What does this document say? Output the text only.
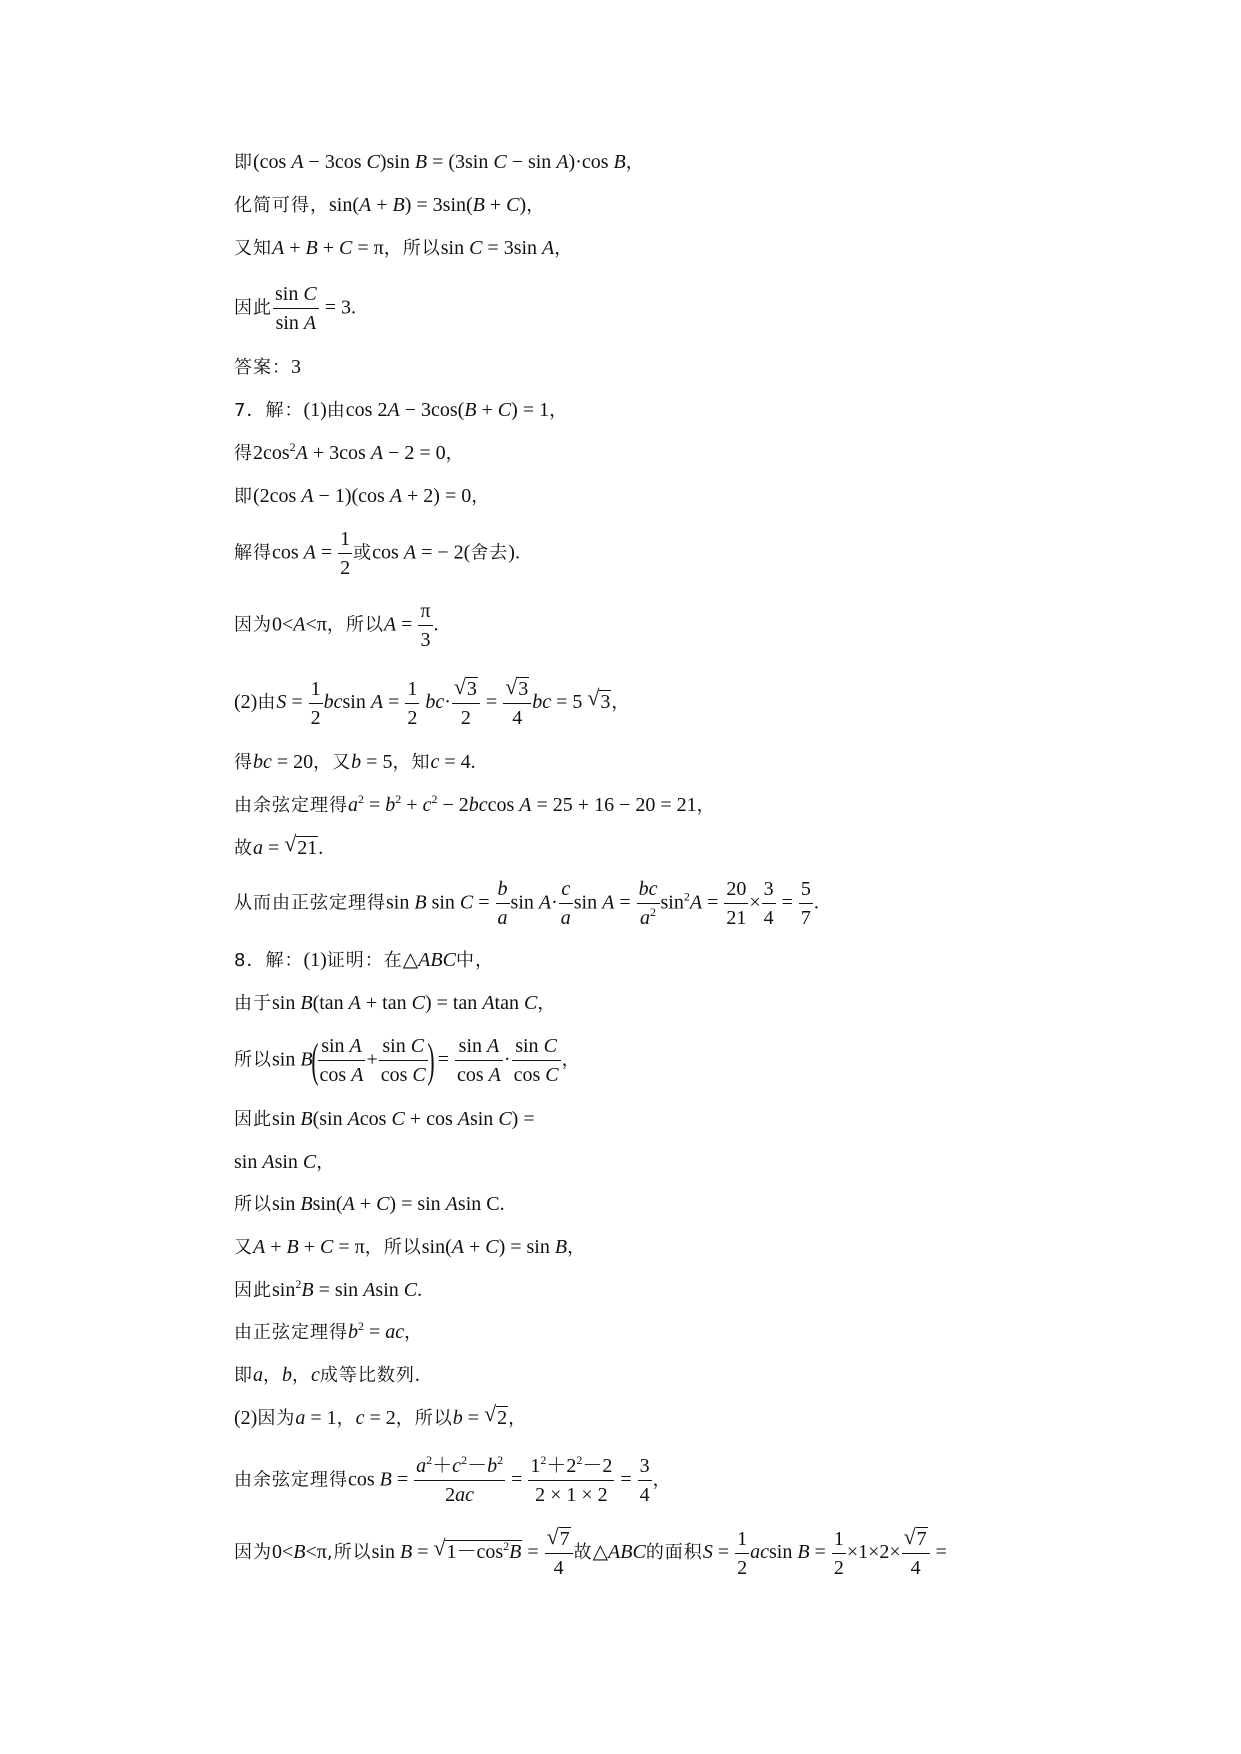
即(cos A − 3cos C)sin B = (3sin C − sin A)·cos B，
化简可得，sin(A + B) = 3sin(B + C)，
又知A + B + C = π，所以sin C = 3sin A，
因此 $\frac{\text{sin C}}{\text{sin A}} = 3$.
答案：3
7．解：(1)由cos 2A − 3cos(B + C) = 1，
得$2\cos^2A + 3\cos$ A − 2 = 0，
即(2cos A − 1)(cos A + 2) = 0，
解得$\cos A = \frac{1}{2}$ 或cos A = − 2(舍去).
因为0<A<π，所以$A = \frac{\pi}{3}$ .
(2)由$S = \frac{1}{2}$ bcsin $A = \frac{1}{2} bc\cdot$ √ $\frac{3}{2}$ = √ $\frac{3}{4}$ bc = 5 √ 3，
得bc = 20，又b = 5，知c = 4.
由余弦定理得$a^2 = b^2 + c^2 - 2bccos$ A = 25 + 16 − 20 = 21，
故a = √ 21.
从而由正弦定理得sin B $\sin C = \frac{b}{a}$ $\sin A\cdot \frac{c}{a}$ $\sin A = \frac{bc}{a^2} \sin^2A = \frac{20}{21} \times \frac{3}{4} = \frac{5}{7}$ .
8．解：(1)证明：在△ABC中，
由于sin B(tan A + tan C) = tan Atan C，
所以$\sin B( \frac{\text{sin A}}{\text{cos A}} + \frac{\text{sin C}}{\text{cos C}}$ ) = $\frac{\text{sin A}}{\text{cos A}} \cdot \frac{\text{sin C}}{\text{cos C}}$ ，
因此sin B(sin Acos C + cos Asin C) =
sin Asin C，
所以sin Bsin(A + C) = sin Asin C.
又A + B + C = π，所以sin(A + C) = sin B，
因此$\sin^2B = \sin Asin$ C.
由正弦定理得$b^2$ = ac，
即a，b，c成等比数列.
(2)因为a = 1，c = 2，所以b = √ 2，
由余弦定理得$\cos B = \frac{a^2+c^2-b^2}{2ac} = \frac{1^2+2^2-2}{2 \times 1 \times 2} = \frac{3}{4}$ ，
因为0<B<π,所以sin B = √ $1-\cos^2B$ = √ $\frac{7}{4}$ 故△ABC的面积$S = \frac{1}{2}$ acsin $B = \frac{1}{2} \times 1\times 2\times$ √ $\frac{7}{4}$ =
